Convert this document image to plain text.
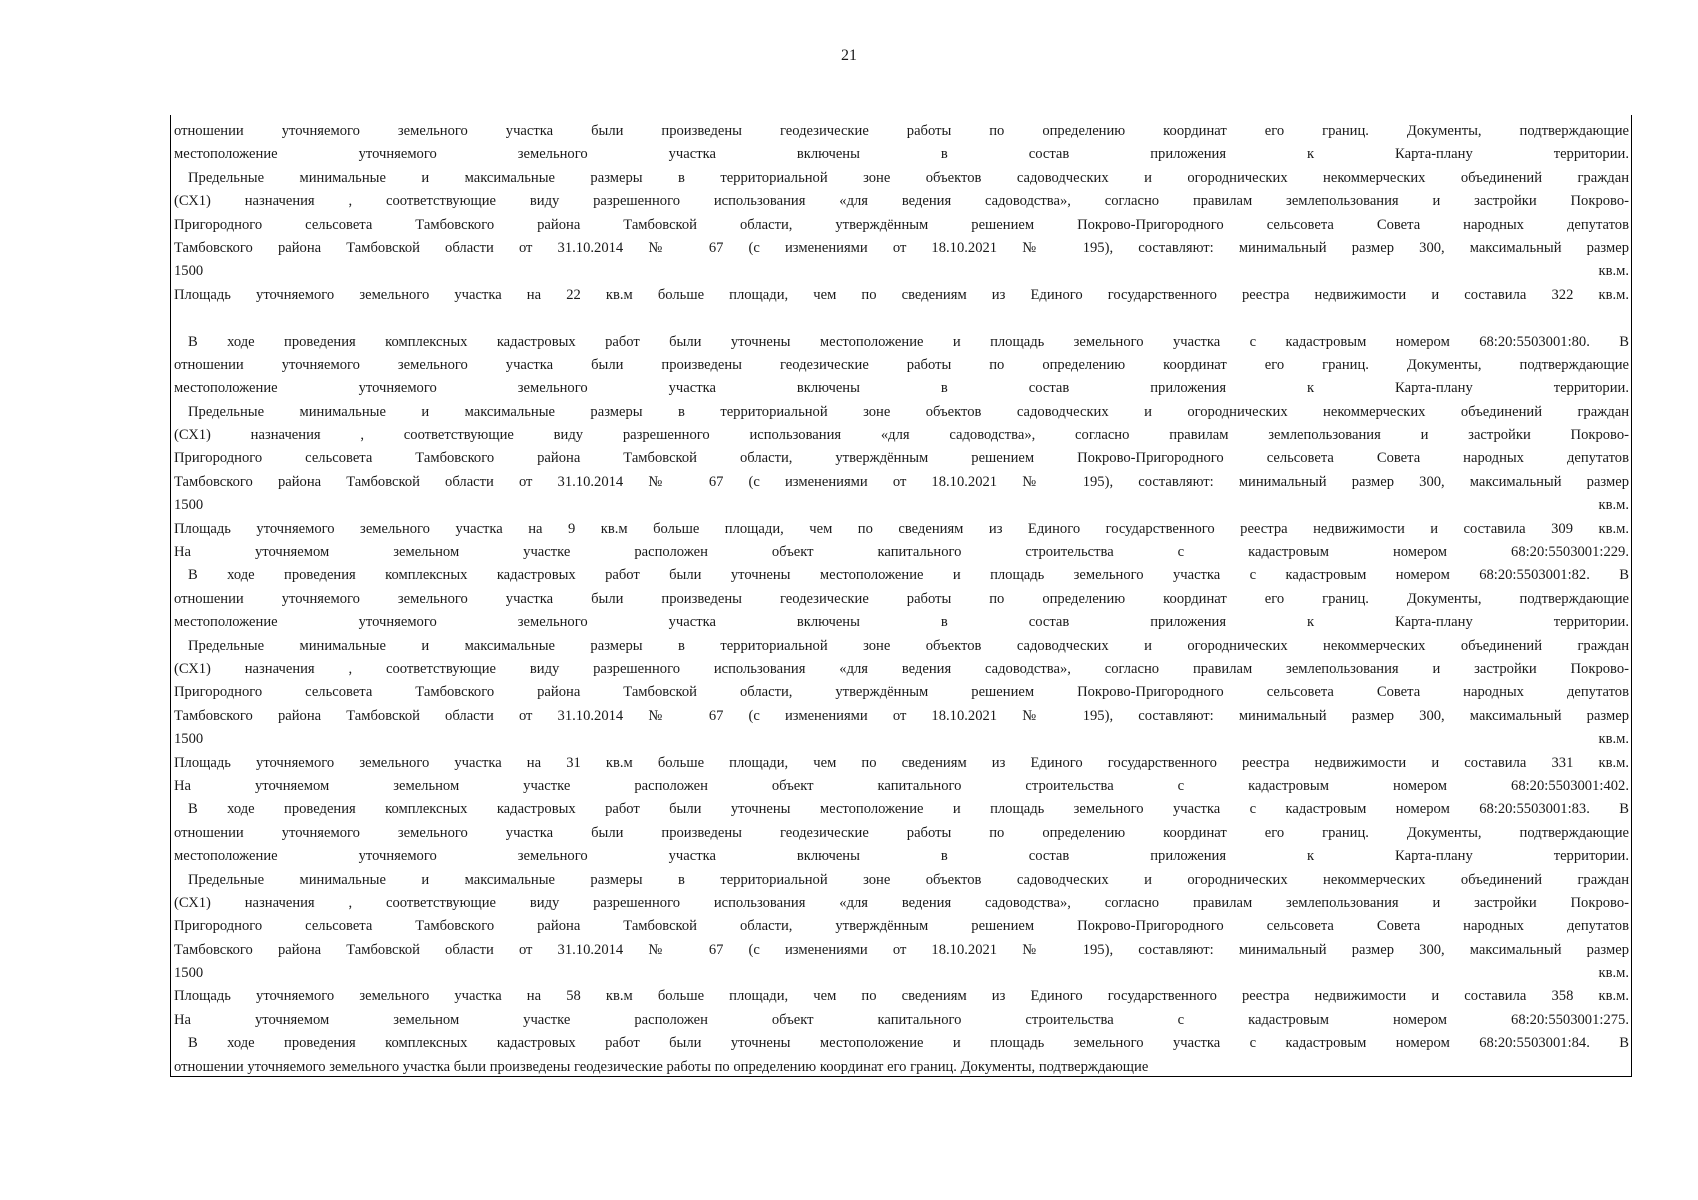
21
отношении уточняемого земельного участка были произведены геодезические работы по определению координат его границ. Документы, подтверждающие
местоположение уточняемого земельного участка включены в состав приложения к Карта-плану территории.
Предельные минимальные и максимальные размеры в территориальной зоне объектов садоводческих и огороднических некоммерческих объединений граждан
(СХ1) назначения , соответствующие виду разрешенного использования «для ведения садоводства», согласно правилам землепользования и застройки Покрово-
Пригородного сельсовета Тамбовского района Тамбовской области, утверждённым решением Покрово-Пригородного сельсовета Совета народных депутатов
Тамбовского района Тамбовской области от 31.10.2014 № 67 (с изменениями от 18.10.2021 № 195), составляют: минимальный размер 300, максимальный размер
1500 кв.м.
Площадь уточняемого земельного участка на 22 кв.м больше площади, чем по сведениям из Единого государственного реестра недвижимости и составила 322 кв.м.
В ходе проведения комплексных кадастровых работ были уточнены местоположение и площадь земельного участка с кадастровым номером 68:20:5503001:80. В
отношении уточняемого земельного участка были произведены геодезические работы по определению координат его границ. Документы, подтверждающие
местоположение уточняемого земельного участка включены в состав приложения к Карта-плану территории.
Предельные минимальные и максимальные размеры в территориальной зоне объектов садоводческих и огороднических некоммерческих объединений граждан
(СХ1) назначения , соответствующие виду разрешенного использования «для садоводства», согласно правилам землепользования и застройки Покрово-
Пригородного сельсовета Тамбовского района Тамбовской области, утверждённым решением Покрово-Пригородного сельсовета Совета народных депутатов
Тамбовского района Тамбовской области от 31.10.2014 № 67 (с изменениями от 18.10.2021 № 195), составляют: минимальный размер 300, максимальный размер
1500 кв.м.
Площадь уточняемого земельного участка на 9 кв.м больше площади, чем по сведениям из Единого государственного реестра недвижимости и составила 309 кв.м.
На уточняемом земельном участке расположен объект капитального строительства с кадастровым номером 68:20:5503001:229.
В ходе проведения комплексных кадастровых работ были уточнены местоположение и площадь земельного участка с кадастровым номером 68:20:5503001:82. В
отношении уточняемого земельного участка были произведены геодезические работы по определению координат его границ. Документы, подтверждающие
местоположение уточняемого земельного участка включены в состав приложения к Карта-плану территории.
Предельные минимальные и максимальные размеры в территориальной зоне объектов садоводческих и огороднических некоммерческих объединений граждан
(СХ1) назначения , соответствующие виду разрешенного использования «для ведения садоводства», согласно правилам землепользования и застройки Покрово-
Пригородного сельсовета Тамбовского района Тамбовской области, утверждённым решением Покрово-Пригородного сельсовета Совета народных депутатов
Тамбовского района Тамбовской области от 31.10.2014 № 67 (с изменениями от 18.10.2021 № 195), составляют: минимальный размер 300, максимальный размер
1500 кв.м.
Площадь уточняемого земельного участка на 31 кв.м больше площади, чем по сведениям из Единого государственного реестра недвижимости и составила 331 кв.м.
На уточняемом земельном участке расположен объект капитального строительства с кадастровым номером 68:20:5503001:402.
В ходе проведения комплексных кадастровых работ были уточнены местоположение и площадь земельного участка с кадастровым номером 68:20:5503001:83. В
отношении уточняемого земельного участка были произведены геодезические работы по определению координат его границ. Документы, подтверждающие
местоположение уточняемого земельного участка включены в состав приложения к Карта-плану территории.
Предельные минимальные и максимальные размеры в территориальной зоне объектов садоводческих и огороднических некоммерческих объединений граждан
(СХ1) назначения , соответствующие виду разрешенного использования «для ведения садоводства», согласно правилам землепользования и застройки Покрово-
Пригородного сельсовета Тамбовского района Тамбовской области, утверждённым решением Покрово-Пригородного сельсовета Совета народных депутатов
Тамбовского района Тамбовской области от 31.10.2014 № 67 (с изменениями от 18.10.2021 № 195), составляют: минимальный размер 300, максимальный размер
1500 кв.м.
Площадь уточняемого земельного участка на 58 кв.м больше площади, чем по сведениям из Единого государственного реестра недвижимости и составила 358 кв.м.
На уточняемом земельном участке расположен объект капитального строительства с кадастровым номером 68:20:5503001:275.
В ходе проведения комплексных кадастровых работ были уточнены местоположение и площадь земельного участка с кадастровым номером 68:20:5503001:84. В
отношении уточняемого земельного участка были произведены геодезические работы по определению координат его границ. Документы, подтверждающие
